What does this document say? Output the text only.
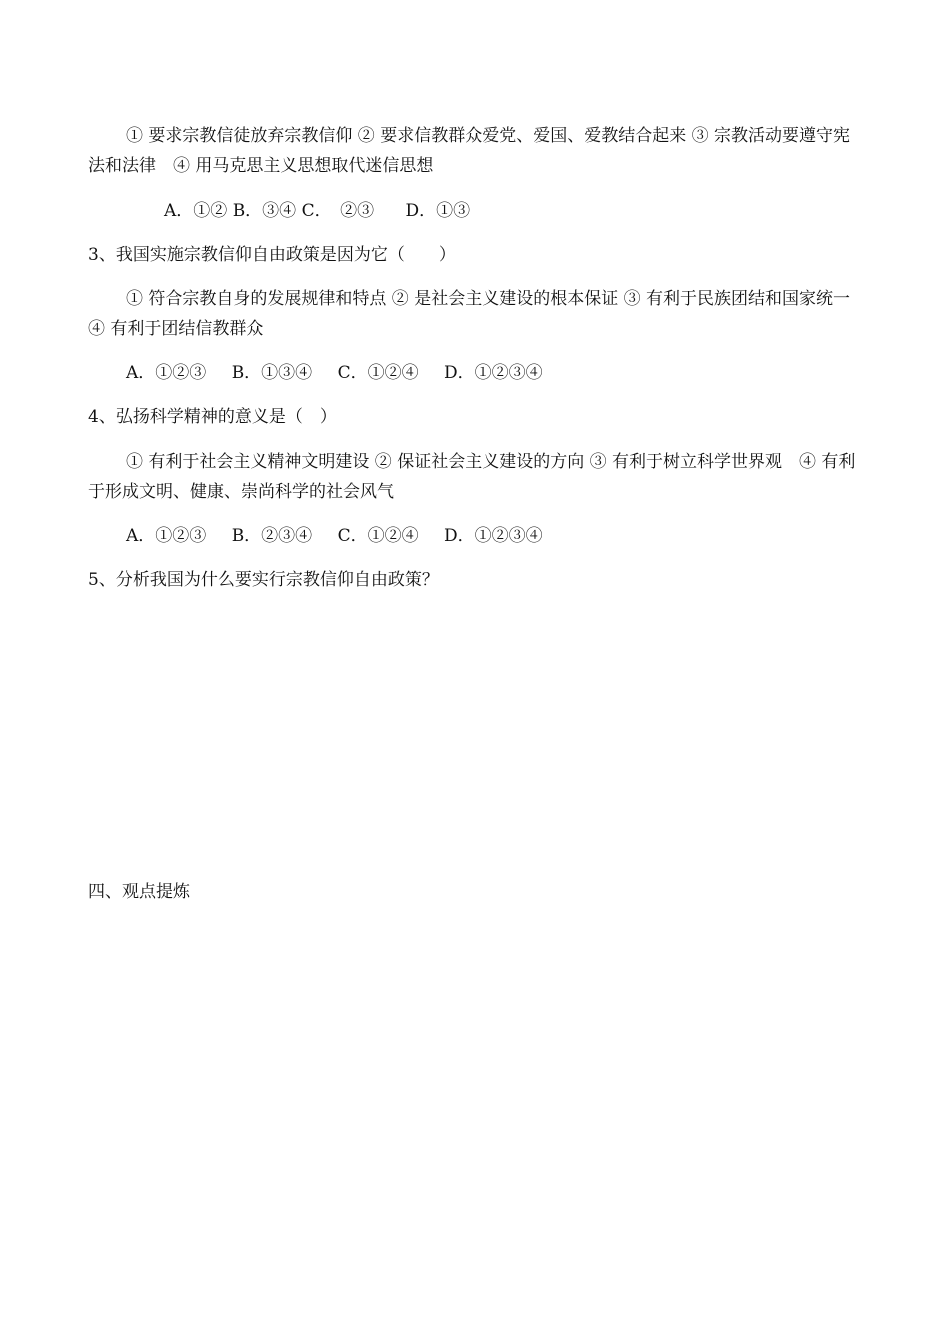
① 要求宗教信徒放弃宗教信仰 ② 要求信教群众爱党、爱国、爱教结合起来 ③ 宗教活动要遵守宪法和法律　④ 用马克思主义思想取代迷信思想

A．①② B．③④ C．　②③ D．①③

3、我国实施宗教信仰自由政策是因为它（　　）

① 符合宗教自身的发展规律和特点 ② 是社会主义建设的根本保证 ③ 有利于民族团结和国家统一　④ 有利于团结信教群众

A．①②③ B．①③④ C．①②④ D．①②③④

4、弘扬科学精神的意义是（　）

① 有利于社会主义精神文明建设 ② 保证社会主义建设的方向 ③ 有利于树立科学世界观　④ 有利于形成文明、健康、崇尚科学的社会风气

A．①②③ B．②③④ C．①②④ D．①②③④

5、分析我国为什么要实行宗教信仰自由政策？

四、观点提炼
